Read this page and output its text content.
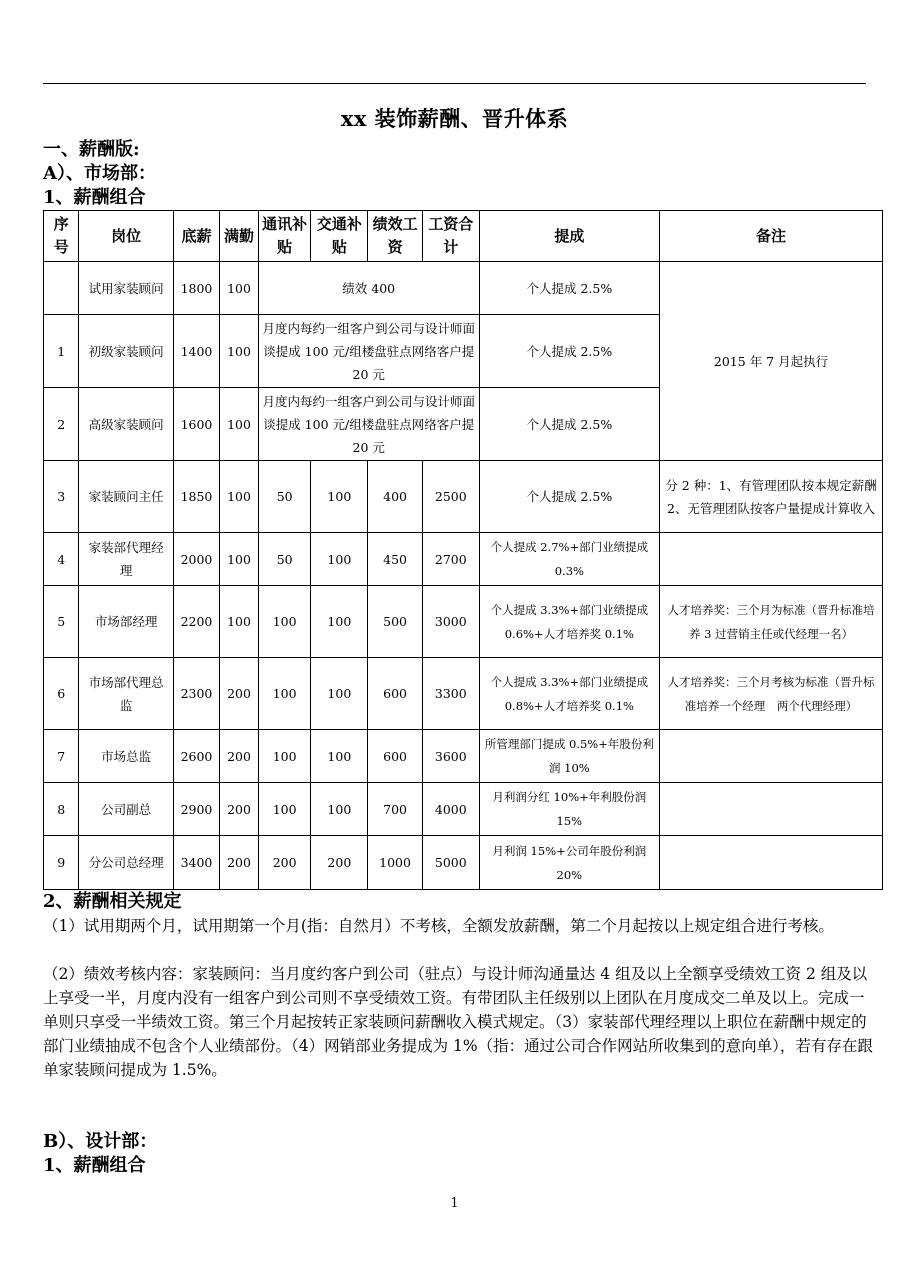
xx 装饰薪酬、晋升体系
一、薪酬版:
A）、市场部：
1、薪酬组合
序号	岗位	底薪	满勤	通讯补贴	交通补贴	绩效工资	工资合计	提成	备注
	试用家装顾问	1800	100	绩效 400				个人提成 2.5%	2015 年 7 月起执行
1	初级家装顾问	1400	100	月度内每约一组客户到公司与设计师面谈提成 100 元/组楼盘驻点网络客户提 20 元				个人提成 2.5%	
2	高级家装顾问	1600	100	月度内每约一组客户到公司与设计师面谈提成 100 元/组楼盘驻点网络客户提 20 元				个人提成 2.5%	
3	家装顾问主任	1850	100	50	100	400	2500	个人提成 2.5%	分 2 种：1、有管理团队按本规定薪酬 2、无管理团队按客户量提成计算收入
4	家装部代理经理	2000	100	50	100	450	2700	个人提成 2.7%+部门业绩提成 0.3%	
5	市场部经理	2200	100	100	100	500	3000	个人提成 3.3%+部门业绩提成 0.6%+人才培养奖 0.1%	人才培养奖：三个月为标准（晋升标准培养 3 过营销主任或代经理一名）
6	市场部代理总监	2300	200	100	100	600	3300	个人提成 3.3%+部门业绩提成 0.8%+人才培养奖 0.1%	人才培养奖：三个月考核为标准（晋升标准培养一个经理　两个代理经理）
7	市场总监	2600	200	100	100	600	3600	所管理部门提成 0.5%+年股份利润 10%	
8	公司副总	2900	200	100	100	700	4000	月利润分红 10%+年利股份润 15%	
9	分公司总经理	3400	200	200	200	1000	5000	月利润 15%+公司年股份利润 20%	
2、薪酬相关规定
（1）试用期两个月，试用期第一个月(指：自然月）不考核，全额发放薪酬，第二个月起按以上规定组合进行考核。
（2）绩效考核内容：家装顾问：当月度约客户到公司（驻点）与设计师沟通量达 4 组及以上全额享受绩效工资 2 组及以上享受一半，月度内没有一组客户到公司则不享受绩效工资。有带团队主任级别以上团队在月度成交二单及以上。完成一单则只享受一半绩效工资。第三个月起按转正家装顾问薪酬收入模式规定。（3）家装部代理经理以上职位在薪酬中规定的部门业绩抽成不包含个人业绩部份。（4）网销部业务提成为 1%（指：通过公司合作网站所收集到的意向单），若有存在跟单家装顾问提成为 1.5%。
B）、设计部：
1、薪酬组合
1
